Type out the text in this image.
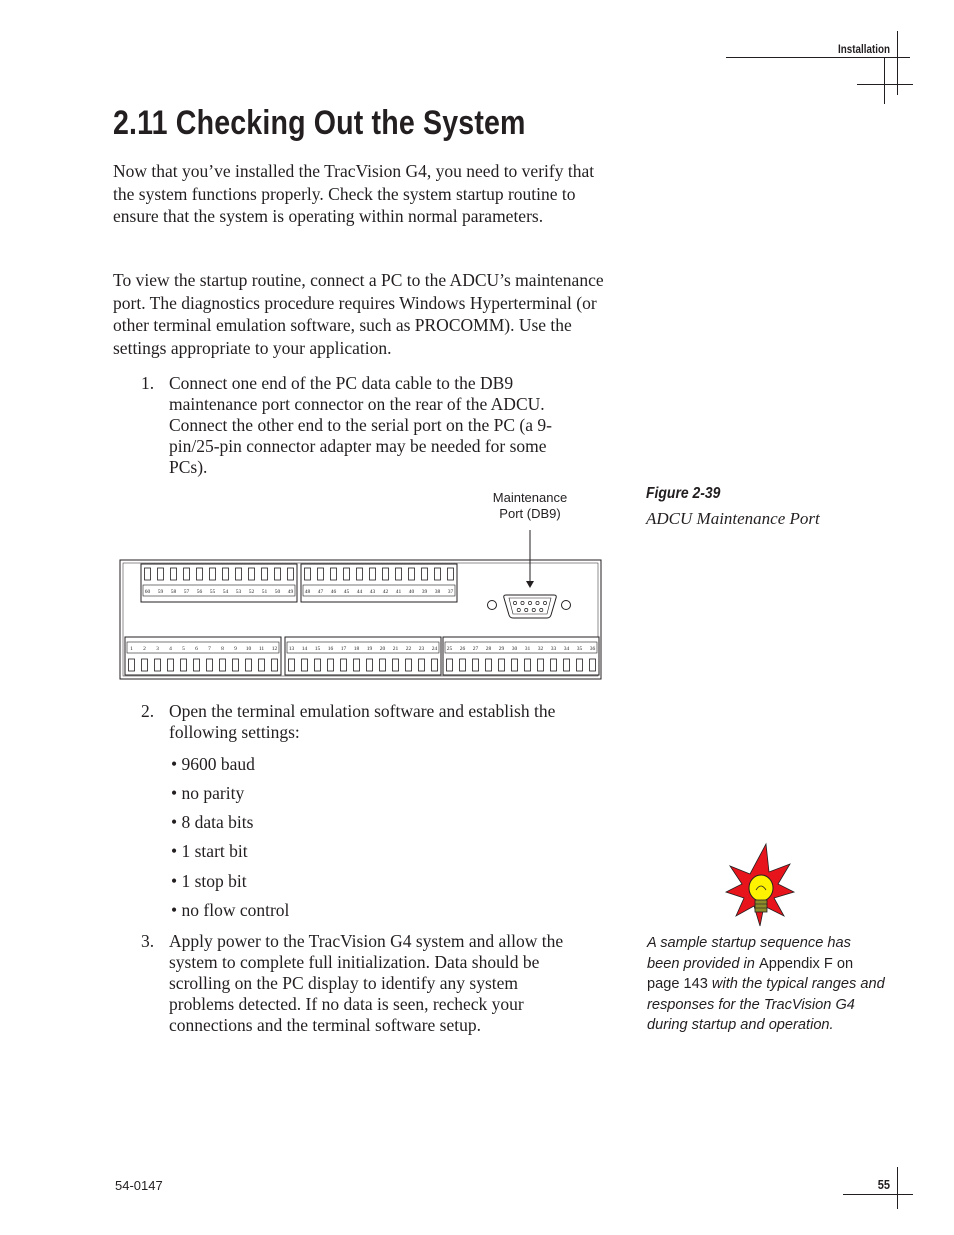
Installation
2.11 Checking Out the System

Now that you’ve installed the TracVision G4, you need to verify that the system functions properly. Check the system startup routine to ensure that the system is operating within normal parameters.

To view the startup routine, connect a PC to the ADCU’s maintenance port. The diagnostics procedure requires Windows Hyperterminal (or other terminal emulation software, such as PROCOMM). Use the settings appropriate to your application.

1. Connect one end of the PC data cable to the DB9 maintenance port connector on the rear of the ADCU. Connect the other end to the serial port on the PC (a 9-pin/25-pin connector adapter may be needed for some PCs).

Maintenance
Port (DB9)
Figure 2-39
ADCU Maintenance Port
60 59 58 57 56 55 54 53 52 51 50 49 48 47 46 45 44 43 42 41 40 39 38 37
1 2 3 4 5 6 7 8 9 10 11 12 13 14 15 16 17 18 19 20 21 22 23 24 25 26 27 28 29 30 31 32 33 34 35 36
2. Open the terminal emulation software and establish the following settings:

• 9600 baud
• no parity
• 8 data bits
• 1 start bit
• 1 stop bit
• no flow control
3. Apply power to the TracVision G4 system and allow the system to complete full initialization. Data should be scrolling on the PC display to identify any system problems detected. If no data is seen, recheck your connections and the terminal software setup.

A sample startup sequence has been provided in Appendix F on
page 143 with the typical ranges and responses for the TracVision G4 during startup and operation.
54-0147	55
